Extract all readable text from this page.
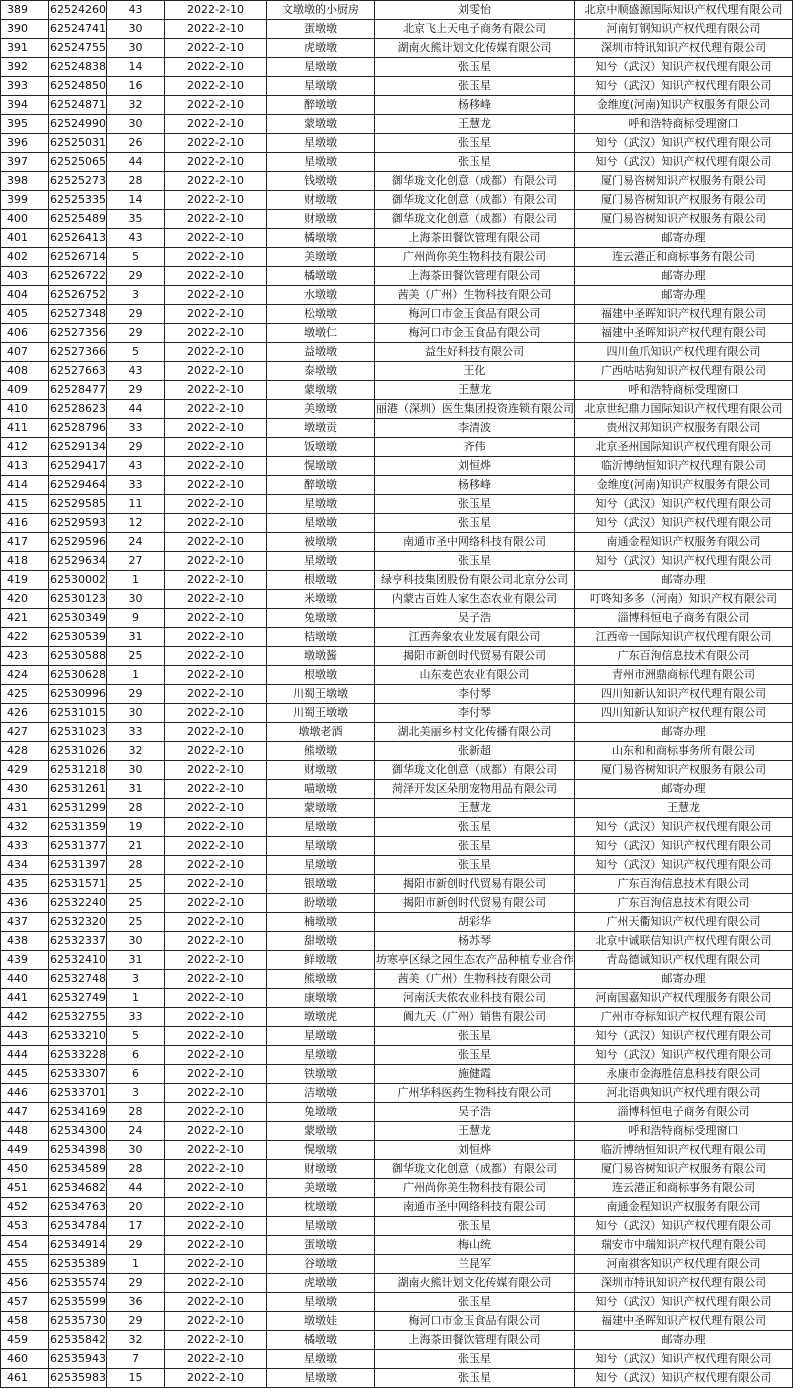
389	62524260	43	2022-2-10	文墩墩的小厨房	刘雯怡	北京中顺盛源国际知识产权代理有限公司
390	62524741	30	2022-2-10	蛋墩墩	北京飞上天电子商务有限公司	河南钉钢知识产权代理有限公司
391	62524755	30	2022-2-10	虎墩墩	湖南火熊计划文化传媒有限公司	深圳市特讯知识产权代理有限公司
392	62524838	14	2022-2-10	星墩墩	张玉星	知兮（武汉）知识产权代理有限公司
393	62524850	16	2022-2-10	星墩墩	张玉星	知兮（武汉）知识产权代理有限公司
394	62524871	32	2022-2-10	醉墩墩	杨移峰	金维度(河南)知识产权服务有限公司
395	62524990	30	2022-2-10	蒙墩墩	王慧龙	呼和浩特商标受理窗口
396	62525031	26	2022-2-10	星墩墩	张玉星	知兮（武汉）知识产权代理有限公司
397	62525065	44	2022-2-10	星墩墩	张玉星	知兮（武汉）知识产权代理有限公司
398	62525273	28	2022-2-10	钱墩墩	御华珑文化创意（成都）有限公司	厦门易咨树知识产权服务有限公司
399	62525335	14	2022-2-10	财墩墩	御华珑文化创意（成都）有限公司	厦门易咨树知识产权服务有限公司
400	62525489	35	2022-2-10	财墩墩	御华珑文化创意（成都）有限公司	厦门易咨树知识产权服务有限公司
401	62526413	43	2022-2-10	橘墩墩	上海茶田餐饮管理有限公司	邮寄办理
402	62526714	5	2022-2-10	美墩墩	广州尚你美生物科技有限公司	连云港正和商标事务有限公司
403	62526722	29	2022-2-10	橘墩墩	上海茶田餐饮管理有限公司	邮寄办理
404	62526752	3	2022-2-10	水墩墩	茜美（广州）生物科技有限公司	邮寄办理
405	62527348	29	2022-2-10	松墩墩	梅河口市金玉食品有限公司	福建中圣晖知识产权代理有限公司
406	62527356	29	2022-2-10	墩墩仁	梅河口市金玉食品有限公司	福建中圣晖知识产权代理有限公司
407	62527366	5	2022-2-10	益墩墩	益生好科技有限公司	四川鱼爪知识产权代理有限公司
408	62527663	43	2022-2-10	泰墩墩	王化	广西咕咕狗知识产权代理有限公司
409	62528477	29	2022-2-10	蒙墩墩	王慧龙	呼和浩特商标受理窗口
410	62528623	44	2022-2-10	美墩墩	丽港（深圳）医生集团投资连锁有限公司	北京世纪鼎力国际知识产权代理有限公司
411	62528796	33	2022-2-10	墩墩贡	李清波	贵州汉邦知识产权服务有限公司
412	62529134	29	2022-2-10	饭墩墩	齐伟	北京圣州国际知识产权代理有限公司
413	62529417	43	2022-2-10	愰墩墩	刘恒烨	临沂博纳恒知识产权代理有限公司
414	62529464	33	2022-2-10	醉墩墩	杨移峰	金维度(河南)知识产权服务有限公司
415	62529585	11	2022-2-10	星墩墩	张玉星	知兮（武汉）知识产权代理有限公司
416	62529593	12	2022-2-10	星墩墩	张玉星	知兮（武汉）知识产权代理有限公司
417	62529596	24	2022-2-10	被墩墩	南通市圣中网络科技有限公司	南通金程知识产权服务有限公司
418	62529634	27	2022-2-10	星墩墩	张玉星	知兮（武汉）知识产权代理有限公司
419	62530002	1	2022-2-10	根墩墩	绿亨科技集团股份有限公司北京分公司	邮寄办理
420	62530123	30	2022-2-10	米墩墩	内蒙古百姓人家生态农业有限公司	叮咚知多多（河南）知识产权有限公司
421	62530349	9	2022-2-10	兔墩墩	吴子浩	淄博科恒电子商务有限公司
422	62530539	31	2022-2-10	桔墩墩	江西奔象农业发展有限公司	江西帝一国际知识产权代理有限公司
423	62530588	25	2022-2-10	墩墩酱	揭阳市新创时代贸易有限公司	广东百洵信息技术有限公司
424	62530628	1	2022-2-10	根墩墩	山东麦芭农业有限公司	青州市洲鼎商标代理有限公司
425	62530996	29	2022-2-10	川蜀王墩墩	李付琴	四川知新认知识产权代理有限公司
426	62531015	30	2022-2-10	川蜀王墩墩	李付琴	四川知新认知识产权代理有限公司
427	62531023	33	2022-2-10	墩墩老酒	湖北美丽乡村文化传播有限公司	邮寄办理
428	62531026	32	2022-2-10	熊墩墩	张新超	山东和和商标事务所有限公司
429	62531218	30	2022-2-10	财墩墩	御华珑文化创意（成都）有限公司	厦门易咨树知识产权服务有限公司
430	62531261	31	2022-2-10	喵墩墩	菏泽开发区朵朋宠物用品有限公司	邮寄办理
431	62531299	28	2022-2-10	蒙墩墩	王慧龙	王慧龙
432	62531359	19	2022-2-10	星墩墩	张玉星	知兮（武汉）知识产权代理有限公司
433	62531377	21	2022-2-10	星墩墩	张玉星	知兮（武汉）知识产权代理有限公司
434	62531397	28	2022-2-10	星墩墩	张玉星	知兮（武汉）知识产权代理有限公司
435	62531571	25	2022-2-10	银墩墩	揭阳市新创时代贸易有限公司	广东百洵信息技术有限公司
436	62532240	25	2022-2-10	盼墩墩	揭阳市新创时代贸易有限公司	广东百洵信息技术有限公司
437	62532320	25	2022-2-10	楠墩墩	胡彩华	广州天衢知识产权代理有限公司
438	62532337	30	2022-2-10	甜墩墩	杨苏琴	北京中诚联信知识产权代理有限公司
439	62532410	31	2022-2-10	鲜墩墩	坊寒亭区绿之园生态农产品种植专业合作	青岛德诚知识产权代理有限公司
440	62532748	3	2022-2-10	熊墩墩	茜美（广州）生物科技有限公司	邮寄办理
441	62532749	1	2022-2-10	康墩墩	河南沃夫侬农业科技有限公司	河南国嘉知识产权代理服务有限公司
442	62532755	33	2022-2-10	墩墩虎	阗九天（广州）销售有限公司	广州市夺标知识产权代理有限公司
443	62533210	5	2022-2-10	星墩墩	张玉星	知兮（武汉）知识产权代理有限公司
444	62533228	6	2022-2-10	星墩墩	张玉星	知兮（武汉）知识产权代理有限公司
445	62533307	6	2022-2-10	铁墩墩	施健霞	永康市金海胜信息科技有限公司
446	62533701	3	2022-2-10	洁墩墩	广州华科医药生物科技有限公司	河北语典知识产权代理有限公司
447	62534169	28	2022-2-10	兔墩墩	吴子浩	淄博科恒电子商务有限公司
448	62534300	24	2022-2-10	蒙墩墩	王慧龙	呼和浩特商标受理窗口
449	62534398	30	2022-2-10	愰墩墩	刘恒烨	临沂博纳恒知识产权代理有限公司
450	62534589	28	2022-2-10	财墩墩	御华珑文化创意（成都）有限公司	厦门易咨树知识产权服务有限公司
451	62534682	44	2022-2-10	美墩墩	广州尚你美生物科技有限公司	连云港正和商标事务有限公司
452	62534763	20	2022-2-10	枕墩墩	南通市圣中网络科技有限公司	南通金程知识产权服务有限公司
453	62534784	17	2022-2-10	星墩墩	张玉星	知兮（武汉）知识产权代理有限公司
454	62534914	29	2022-2-10	蛋墩墩	梅山统	瑞安市中瑞知识产权代理有限公司
455	62535389	1	2022-2-10	谷墩墩	兰昆军	河南祺客知识产权代理有限公司
456	62535574	29	2022-2-10	虎墩墩	湖南火熊计划文化传媒有限公司	深圳市特讯知识产权代理有限公司
457	62535599	36	2022-2-10	星墩墩	张玉星	知兮（武汉）知识产权代理有限公司
458	62535730	29	2022-2-10	墩墩娃	梅河口市金玉食品有限公司	福建中圣晖知识产权代理有限公司
459	62535842	32	2022-2-10	橘墩墩	上海茶田餐饮管理有限公司	邮寄办理
460	62535943	7	2022-2-10	星墩墩	张玉星	知兮（武汉）知识产权代理有限公司
461	62535983	15	2022-2-10	星墩墩	张玉星	知兮（武汉）知识产权代理有限公司
